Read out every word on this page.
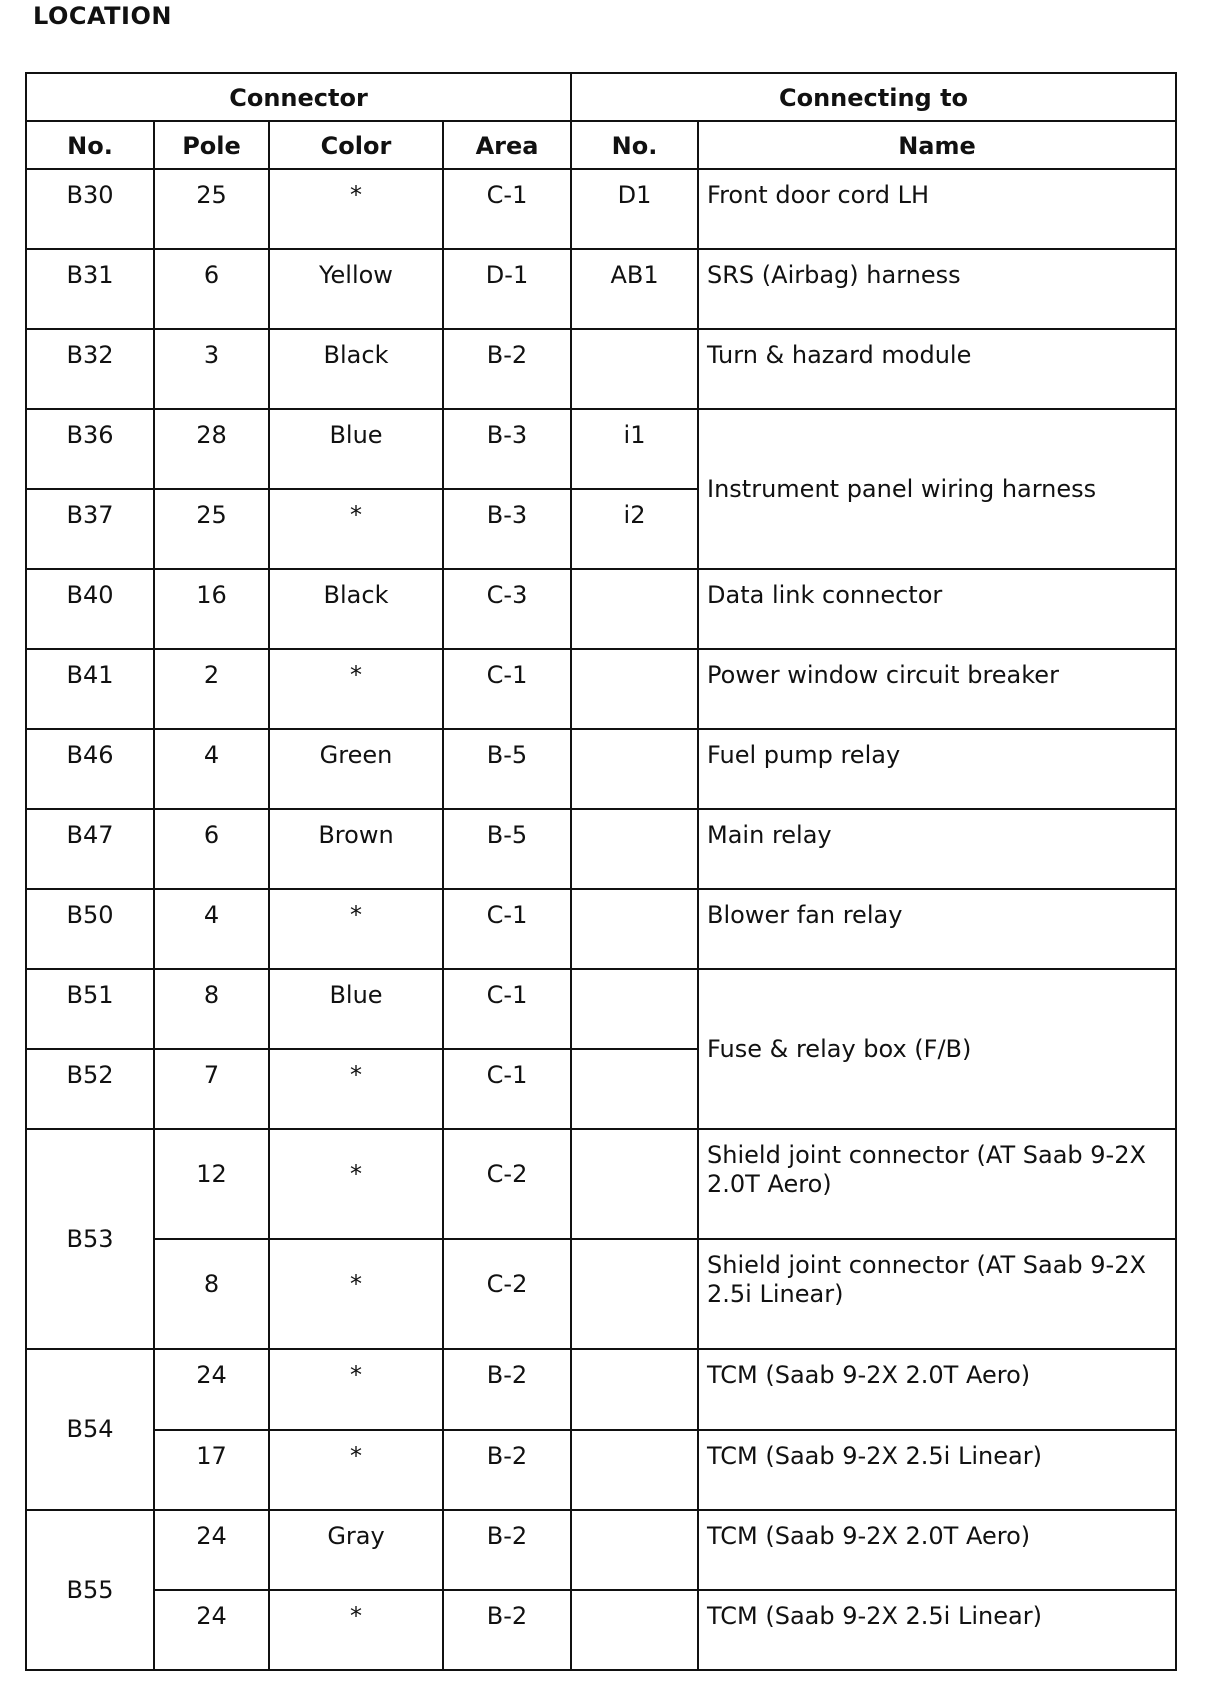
LOCATION
Connector				Connecting to	
No.	Pole	Color	Area	No.	Name
B30	25	*	C-1	D1	Front door cord LH
B31	6	Yellow	D-1	AB1	SRS (Airbag) harness
B32	3	Black	B-2		Turn & hazard module
B36	28	Blue	B-3	i1	Instrument panel wiring harness
B37	25	*	B-3	i2	
B40	16	Black	C-3		Data link connector
B41	2	*	C-1		Power window circuit breaker
B46	4	Green	B-5		Fuel pump relay
B47	6	Brown	B-5		Main relay
B50	4	*	C-1		Blower fan relay
B51	8	Blue	C-1		Fuse & relay box (F/B)
B52	7	*	C-1		
B53	12	*	C-2		Shield joint connector (AT Saab 9-2X 2.0T Aero)
	8	*	C-2		Shield joint connector (AT Saab 9-2X 2.5i Linear)
B54	24	*	B-2		TCM (Saab 9-2X 2.0T Aero)
	17	*	B-2		TCM (Saab 9-2X 2.5i Linear)
B55	24	Gray	B-2		TCM (Saab 9-2X 2.0T Aero)
	24	*	B-2		TCM (Saab 9-2X 2.5i Linear)
